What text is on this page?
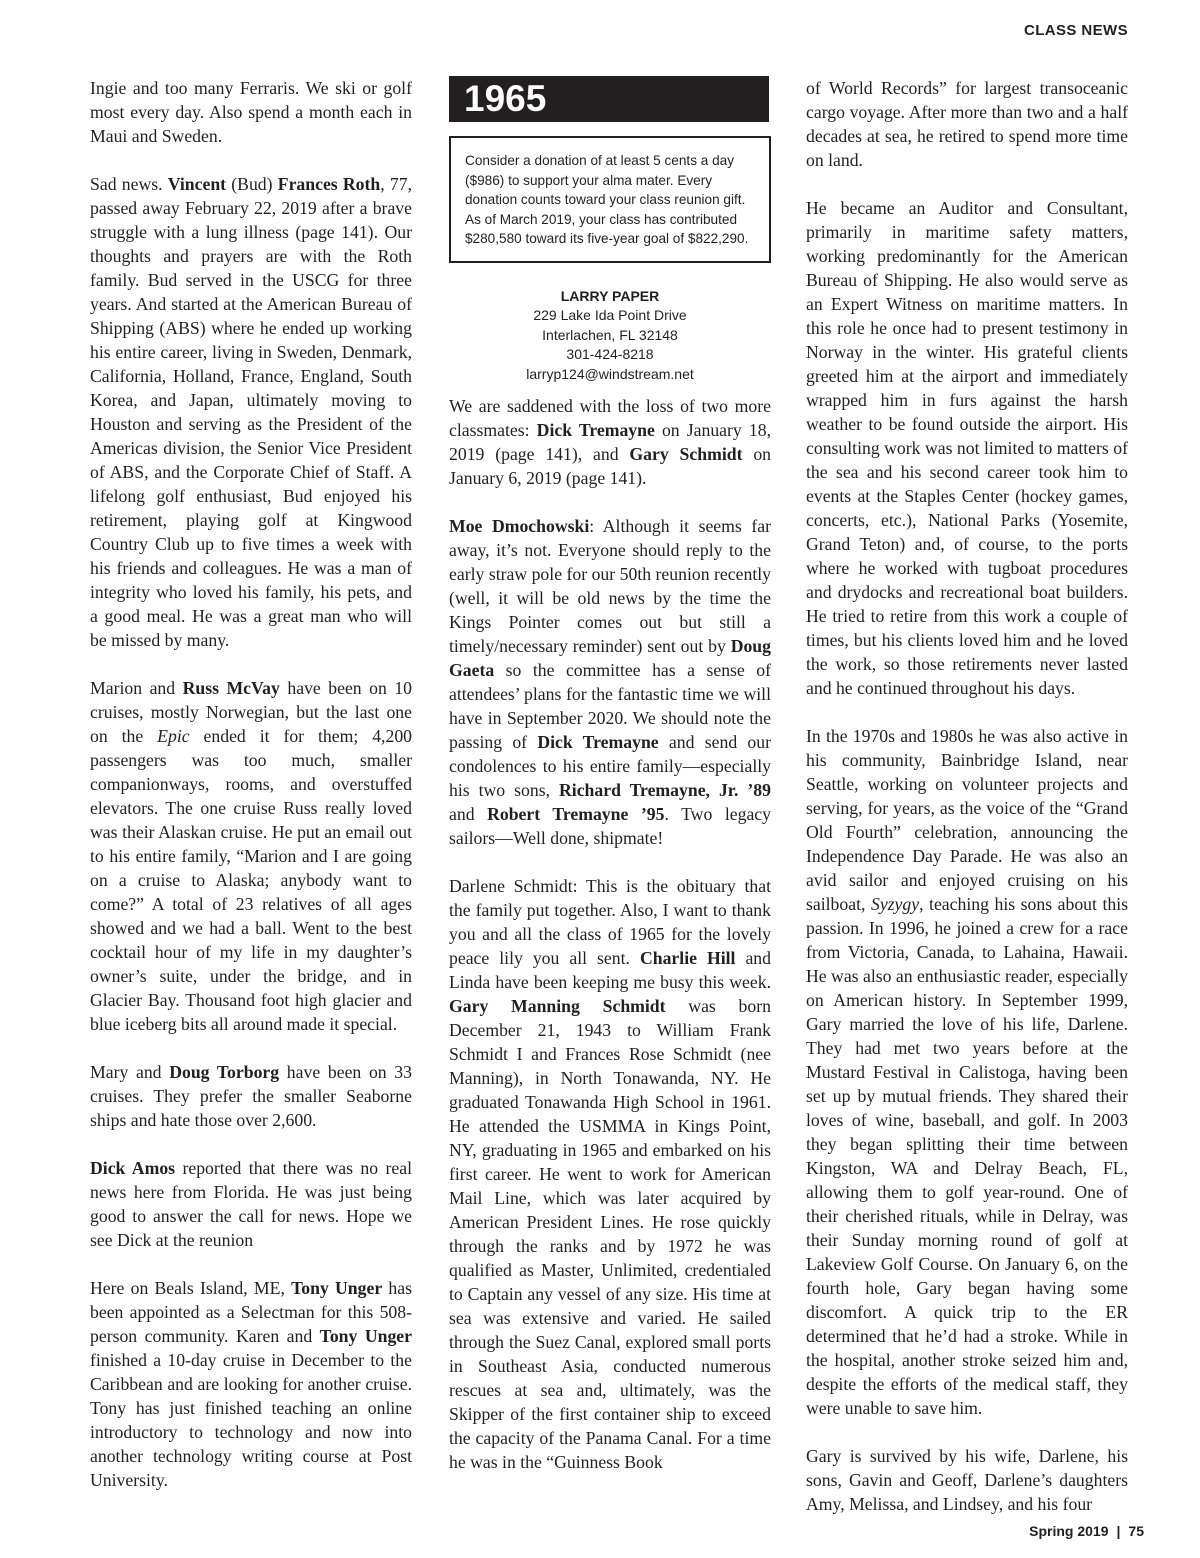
CLASS NEWS

Ingie and too many Ferraris. We ski or golf most every day. Also spend a month each in Maui and Sweden.

Sad news. Vincent (Bud) Frances Roth, 77, passed away February 22, 2019 after a brave struggle with a lung illness (page 141). Our thoughts and prayers are with the Roth family. Bud served in the USCG for three years. And started at the American Bureau of Shipping (ABS) where he ended up working his entire career, living in Sweden, Denmark, California, Holland, France, England, South Korea, and Japan, ultimately moving to Houston and serving as the President of the Americas division, the Senior Vice President of ABS, and the Corporate Chief of Staff. A lifelong golf enthusiast, Bud enjoyed his retirement, playing golf at Kingwood Country Club up to five times a week with his friends and colleagues. He was a man of integrity who loved his family, his pets, and a good meal. He was a great man who will be missed by many.

Marion and Russ McVay have been on 10 cruises, mostly Norwegian, but the last one on the Epic ended it for them; 4,200 passengers was too much, smaller companionways, rooms, and overstuffed elevators. The one cruise Russ really loved was their Alaskan cruise. He put an email out to his entire family, “Marion and I are going on a cruise to Alaska; anybody want to come?” A total of 23 relatives of all ages showed and we had a ball. Went to the best cocktail hour of my life in my daughter’s owner’s suite, under the bridge, and in Glacier Bay. Thousand foot high glacier and blue iceberg bits all around made it special.

Mary and Doug Torborg have been on 33 cruises. They prefer the smaller Seaborne ships and hate those over 2,600.

Dick Amos reported that there was no real news here from Florida. He was just being good to answer the call for news. Hope we see Dick at the reunion

Here on Beals Island, ME, Tony Unger has been appointed as a Selectman for this 508-person community. Karen and Tony Unger finished a 10-day cruise in December to the Caribbean and are looking for another cruise. Tony has just finished teaching an online introductory to technology and now into another technology writing course at Post University.

1965
Consider a donation of at least 5 cents a day ($986) to support your alma mater. Every donation counts toward your class reunion gift. As of March 2019, your class has contributed $280,580 toward its five-year goal of $822,290.
LARRY PAPER
229 Lake Ida Point Drive
Interlachen, FL 32148
301-424-8218
larryp124@windstream.net

We are saddened with the loss of two more classmates: Dick Tremayne on January 18, 2019 (page 141), and Gary Schmidt on January 6, 2019 (page 141).

Moe Dmochowski: Although it seems far away, it’s not. Everyone should reply to the early straw pole for our 50th reunion recently (well, it will be old news by the time the Kings Pointer comes out but still a timely/necessary reminder) sent out by Doug Gaeta so the committee has a sense of attendees’ plans for the fantastic time we will have in September 2020. We should note the passing of Dick Tremayne and send our condolences to his entire family—especially his two sons, Richard Tremayne, Jr. ’89 and Robert Tremayne ’95. Two legacy sailors—Well done, shipmate!

Darlene Schmidt: This is the obituary that the family put together. Also, I want to thank you and all the class of 1965 for the lovely peace lily you all sent. Charlie Hill and Linda have been keeping me busy this week. Gary Manning Schmidt was born December 21, 1943 to William Frank Schmidt I and Frances Rose Schmidt (nee Manning), in North Tonawanda, NY. He graduated Tonawanda High School in 1961. He attended the USMMA in Kings Point, NY, graduating in 1965 and embarked on his first career. He went to work for American Mail Line, which was later acquired by American President Lines. He rose quickly through the ranks and by 1972 he was qualified as Master, Unlimited, credentialed to Captain any vessel of any size. His time at sea was extensive and varied. He sailed through the Suez Canal, explored small ports in Southeast Asia, conducted numerous rescues at sea and, ultimately, was the Skipper of the first container ship to exceed the capacity of the Panama Canal. For a time he was in the “Guinness Book

of World Records” for largest transoceanic cargo voyage. After more than two and a half decades at sea, he retired to spend more time on land.

He became an Auditor and Consultant, primarily in maritime safety matters, working predominantly for the American Bureau of Shipping. He also would serve as an Expert Witness on maritime matters. In this role he once had to present testimony in Norway in the winter. His grateful clients greeted him at the airport and immediately wrapped him in furs against the harsh weather to be found outside the airport. His consulting work was not limited to matters of the sea and his second career took him to events at the Staples Center (hockey games, concerts, etc.), National Parks (Yosemite, Grand Teton) and, of course, to the ports where he worked with tugboat procedures and drydocks and recreational boat builders. He tried to retire from this work a couple of times, but his clients loved him and he loved the work, so those retirements never lasted and he continued throughout his days.

In the 1970s and 1980s he was also active in his community, Bainbridge Island, near Seattle, working on volunteer projects and serving, for years, as the voice of the “Grand Old Fourth” celebration, announcing the Independence Day Parade. He was also an avid sailor and enjoyed cruising on his sailboat, Syzygy, teaching his sons about this passion. In 1996, he joined a crew for a race from Victoria, Canada, to Lahaina, Hawaii. He was also an enthusiastic reader, especially on American history. In September 1999, Gary married the love of his life, Darlene. They had met two years before at the Mustard Festival in Calistoga, having been set up by mutual friends. They shared their loves of wine, baseball, and golf. In 2003 they began splitting their time between Kingston, WA and Delray Beach, FL, allowing them to golf year-round. One of their cherished rituals, while in Delray, was their Sunday morning round of golf at Lakeview Golf Course. On January 6, on the fourth hole, Gary began having some discomfort. A quick trip to the ER determined that he’d had a stroke. While in the hospital, another stroke seized him and, despite the efforts of the medical staff, they were unable to save him.

Gary is survived by his wife, Darlene, his sons, Gavin and Geoff, Darlene’s daughters Amy, Melissa, and Lindsey, and his four

Spring 2019 | 75
